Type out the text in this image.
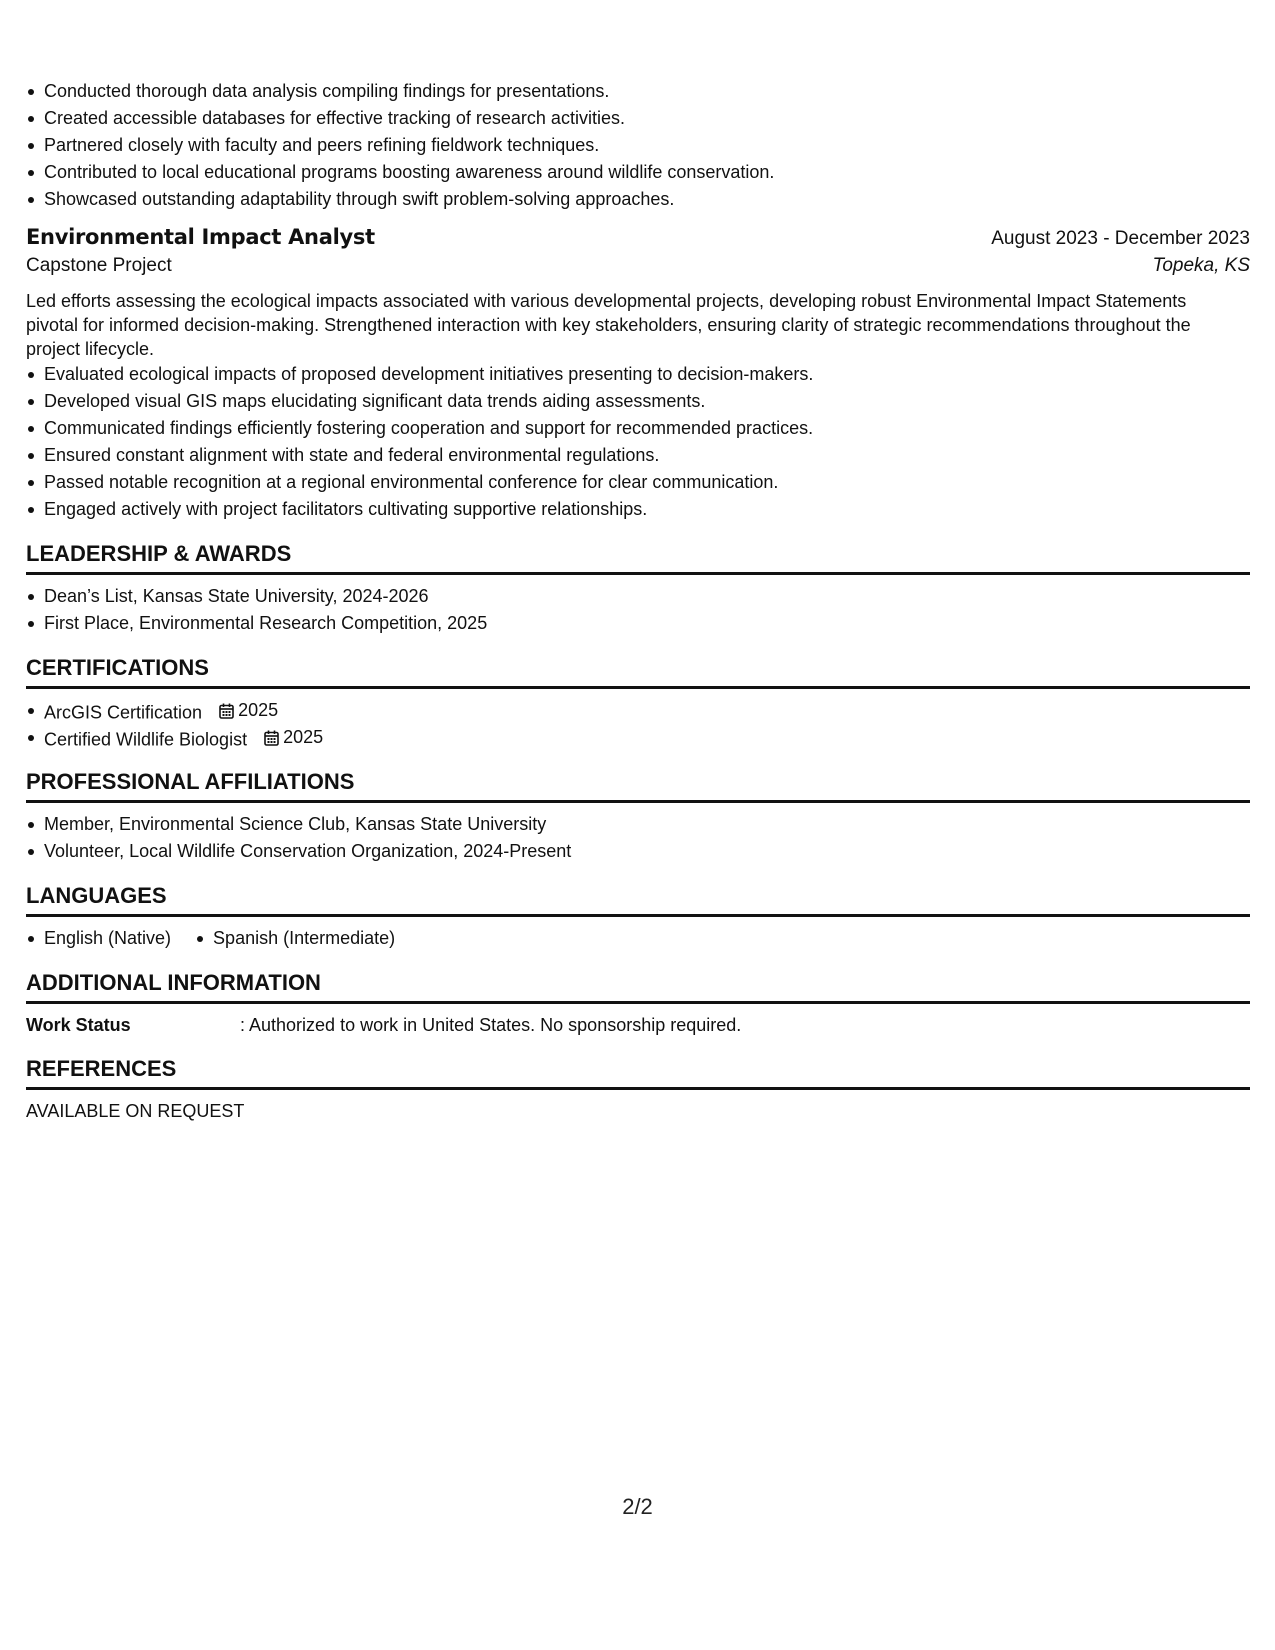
Conducted thorough data analysis compiling findings for presentations.
Created accessible databases for effective tracking of research activities.
Partnered closely with faculty and peers refining fieldwork techniques.
Contributed to local educational programs boosting awareness around wildlife conservation.
Showcased outstanding adaptability through swift problem-solving approaches.
Environmental Impact Analyst	August 2023 - December 2023
Capstone Project	Topeka, KS

Led efforts assessing the ecological impacts associated with various developmental projects, developing robust Environmental Impact Statements pivotal for informed decision-making. Strengthened interaction with key stakeholders, ensuring clarity of strategic recommendations throughout the project lifecycle.

Evaluated ecological impacts of proposed development initiatives presenting to decision-makers.
Developed visual GIS maps elucidating significant data trends aiding assessments.
Communicated findings efficiently fostering cooperation and support for recommended practices.
Ensured constant alignment with state and federal environmental regulations.
Passed notable recognition at a regional environmental conference for clear communication.
Engaged actively with project facilitators cultivating supportive relationships.
LEADERSHIP & AWARDS
Dean’s List, Kansas State University, 2024-2026
First Place, Environmental Research Competition, 2025
CERTIFICATIONS
ArcGIS Certification 2025
Certified Wildlife Biologist 2025
PROFESSIONAL AFFILIATIONS
Member, Environmental Science Club, Kansas State University
Volunteer, Local Wildlife Conservation Organization, 2024-Present
LANGUAGES
English (Native)	Spanish (Intermediate)
ADDITIONAL INFORMATION
Work Status	: Authorized to work in United States. No sponsorship required.
REFERENCES
AVAILABLE ON REQUEST
2/2
